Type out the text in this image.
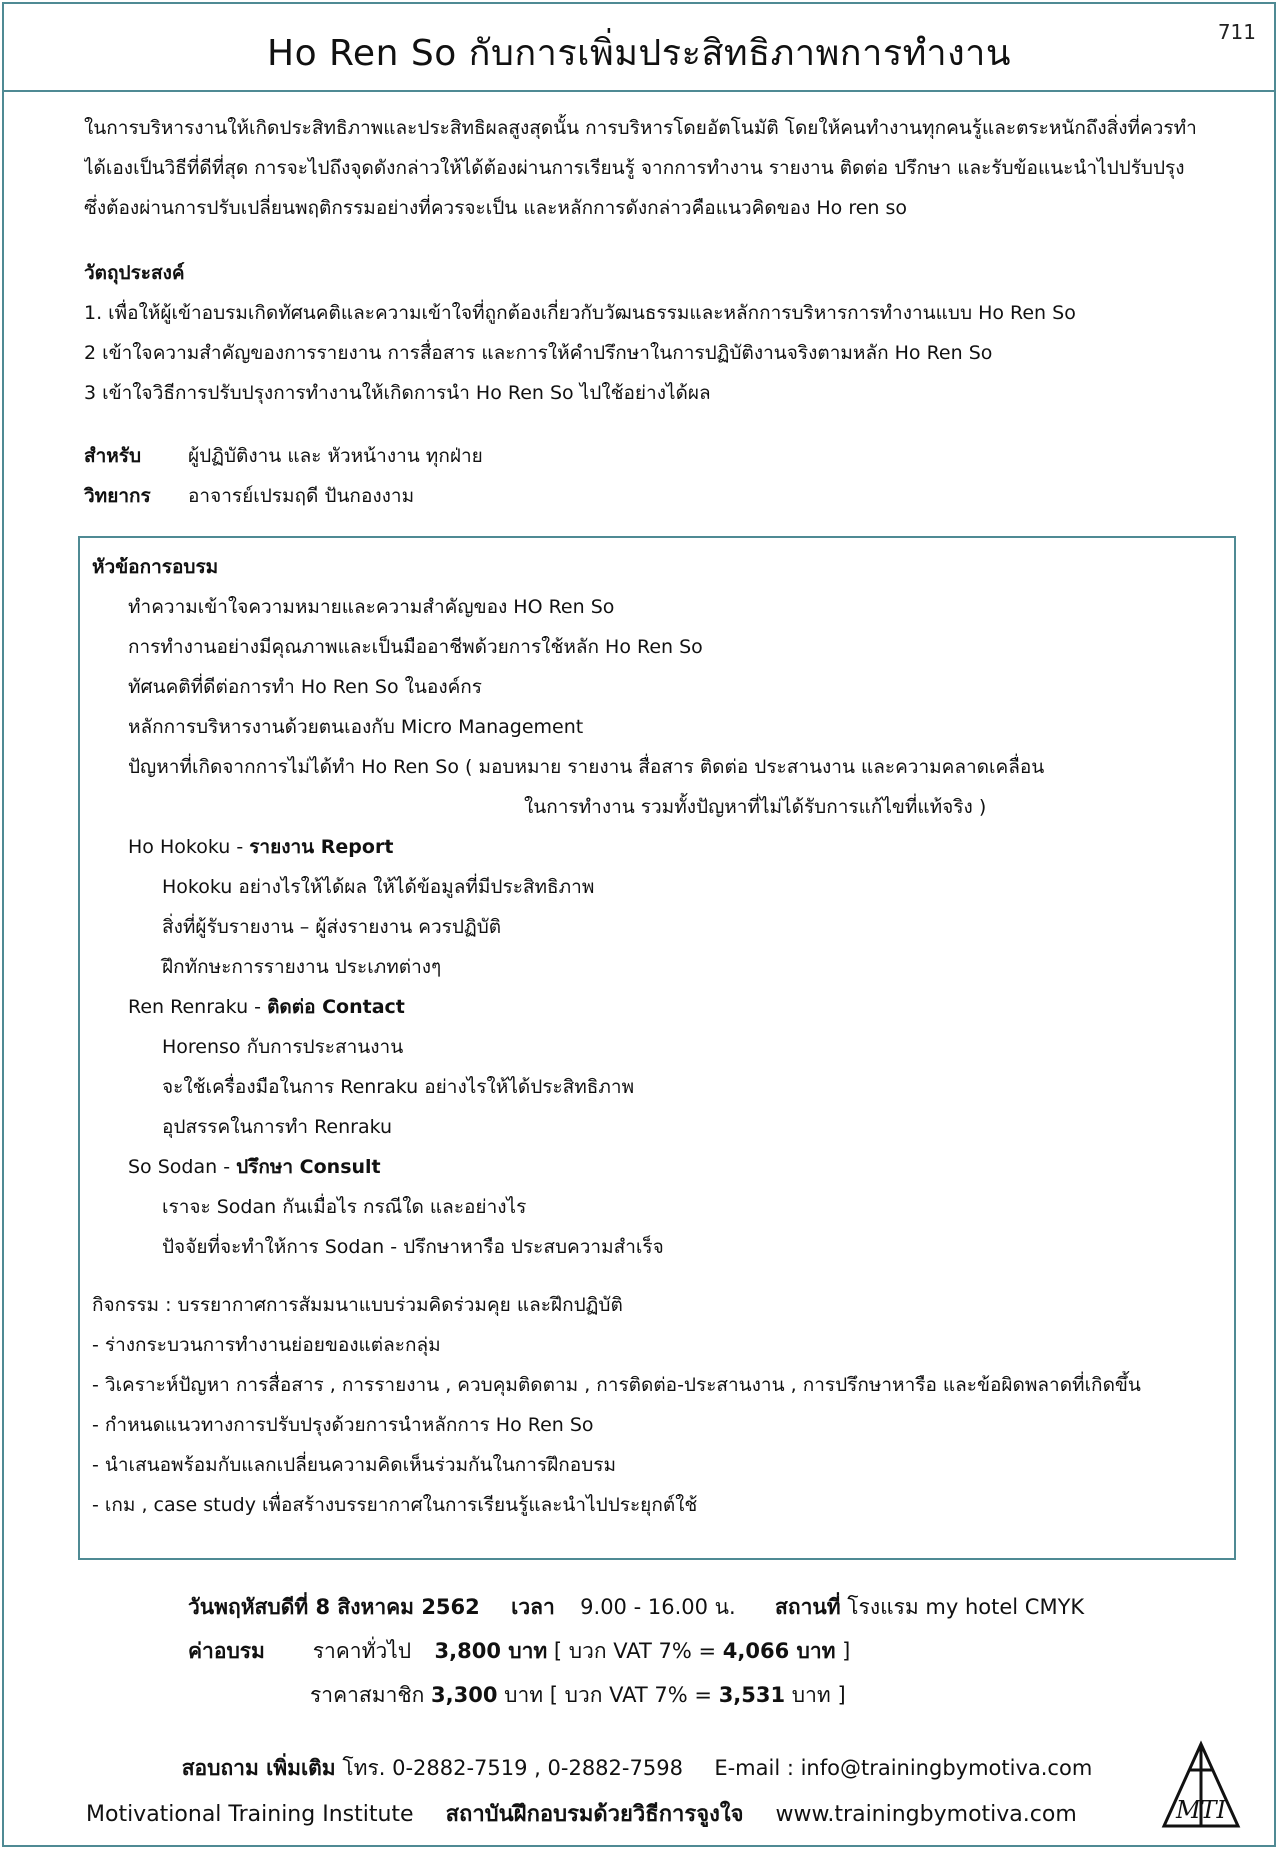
Ho Ren So กับการเพิ่มประสิทธิภาพการทำงาน
711
ในการบริหารงานให้เกิดประสิทธิภาพและประสิทธิผลสูงสุดนั้น การบริหารโดยอัตโนมัติ โดยให้คนทำงานทุกคนรู้และตระหนักถึงสิ่งที่ควรทำ
ได้เองเป็นวิธีที่ดีที่สุด การจะไปถึงจุดดังกล่าวให้ได้ต้องผ่านการเรียนรู้ จากการทำงาน รายงาน ติดต่อ ปรึกษา และรับข้อแนะนำไปปรับปรุง
ซึ่งต้องผ่านการปรับเปลี่ยนพฤติกรรมอย่างที่ควรจะเป็น และหลักการดังกล่าวคือแนวคิดของ Ho ren so
วัตถุประสงค์
1. เพื่อให้ผู้เข้าอบรมเกิดทัศนคติและความเข้าใจที่ถูกต้องเกี่ยวกับวัฒนธรรมและหลักการบริหารการทำงานแบบ Ho Ren So
2 เข้าใจความสำคัญของการรายงาน การสื่อสาร และการให้คำปรึกษาในการปฏิบัติงานจริงตามหลัก Ho Ren So
3 เข้าใจวิธีการปรับปรุงการทำงานให้เกิดการนำ Ho Ren So ไปใช้อย่างได้ผล
สำหรับ ผู้ปฏิบัติงาน และ หัวหน้างาน ทุกฝ่าย
วิทยากร อาจารย์เปรมฤดี ปันกองงาม
หัวข้อการอบรม
ทำความเข้าใจความหมายและความสำคัญของ HO Ren So
การทำงานอย่างมีคุณภาพและเป็นมืออาชีพด้วยการใช้หลัก Ho Ren So
ทัศนคติที่ดีต่อการทำ Ho Ren So ในองค์กร
หลักการบริหารงานด้วยตนเองกับ Micro Management
ปัญหาที่เกิดจากการไม่ได้ทำ Ho Ren So ( มอบหมาย รายงาน สื่อสาร ติดต่อ ประสานงาน และความคลาดเคลื่อน
ในการทำงาน รวมทั้งปัญหาที่ไม่ได้รับการแก้ไขที่แท้จริง )
Ho Hokoku - รายงาน Report
Hokoku อย่างไรให้ได้ผล ให้ได้ข้อมูลที่มีประสิทธิภาพ
สิ่งที่ผู้รับรายงาน – ผู้ส่งรายงาน ควรปฏิบัติ
ฝึกทักษะการรายงาน ประเภทต่างๆ
Ren Renraku - ติดต่อ Contact
Horenso กับการประสานงาน
จะใช้เครื่องมือในการ Renraku อย่างไรให้ได้ประสิทธิภาพ
อุปสรรคในการทำ Renraku
So Sodan - ปรึกษา Consult
เราจะ Sodan กันเมื่อไร กรณีใด และอย่างไร
ปัจจัยที่จะทำให้การ Sodan - ปรึกษาหารือ ประสบความสำเร็จ
กิจกรรม : บรรยากาศการสัมมนาแบบร่วมคิดร่วมคุย และฝึกปฏิบัติ
- ร่างกระบวนการทำงานย่อยของแต่ละกลุ่ม
- วิเคราะห์ปัญหา การสื่อสาร , การรายงาน , ควบคุมติดตาม , การติดต่อ-ประสานงาน , การปรึกษาหารือ และข้อผิดพลาดที่เกิดขึ้น
- กำหนดแนวทางการปรับปรุงด้วยการนำหลักการ Ho Ren So
- นำเสนอพร้อมกับแลกเปลี่ยนความคิดเห็นร่วมกันในการฝึกอบรม
- เกม , case study เพื่อสร้างบรรยากาศในการเรียนรู้และนำไปประยุกต์ใช้
วันพฤหัสบดีที่ 8 สิงหาคม 2562 เวลา 9.00 - 16.00 น. สถานที่ โรงแรม my hotel CMYK
ค่าอบรม ราคาทั่วไป 3,800 บาท [ บวก VAT 7% = 4,066 บาท ]
ราคาสมาชิก 3,300 บาท [ บวก VAT 7% = 3,531 บาท ]
สอบถาม เพิ่มเติม โทร. 0-2882-7519 , 0-2882-7598 E-mail : info@trainingbymotiva.com
Motivational Training Institute สถาบันฝึกอบรมด้วยวิธีการจูงใจ www.trainingbymotiva.com	MTI
